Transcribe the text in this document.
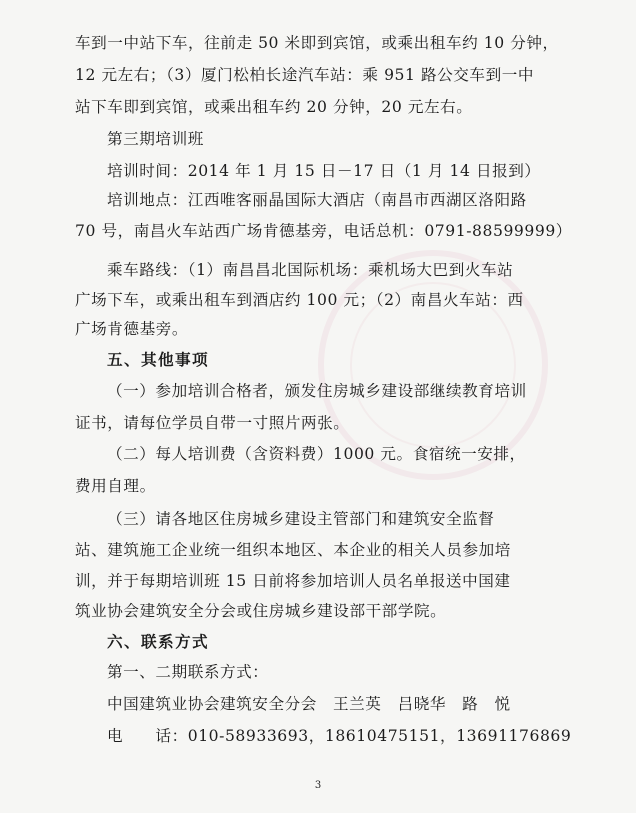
车到一中站下车，往前走 50 米即到宾馆，或乘出租车约 10 分钟，
12 元左右；（3）厦门松柏长途汽车站：乘 951 路公交车到一中
站下车即到宾馆，或乘出租车约 20 分钟，20 元左右。
第三期培训班
培训时间：2014 年 1 月 15 日－17 日（1 月 14 日报到）
培训地点：江西唯客丽晶国际大酒店（南昌市西湖区洛阳路
70 号，南昌火车站西广场肯德基旁，电话总机：0791-88599999）
乘车路线：（1）南昌昌北国际机场：乘机场大巴到火车站
广场下车，或乘出租车到酒店约 100 元；（2）南昌火车站：西
广场肯德基旁。
五、其他事项
（一）参加培训合格者，颁发住房城乡建设部继续教育培训
证书，请每位学员自带一寸照片两张。
（二）每人培训费（含资料费）1000 元。食宿统一安排，
费用自理。
（三）请各地区住房城乡建设主管部门和建筑安全监督
站、建筑施工企业统一组织本地区、本企业的相关人员参加培
训，并于每期培训班 15 日前将参加培训人员名单报送中国建
筑业协会建筑安全分会或住房城乡建设部干部学院。
六、联系方式
第一、二期联系方式：
中国建筑业协会建筑安全分会　王兰英　吕晓华　路　悦
电　　话：010-58933693，18610475151，13691176869
3
